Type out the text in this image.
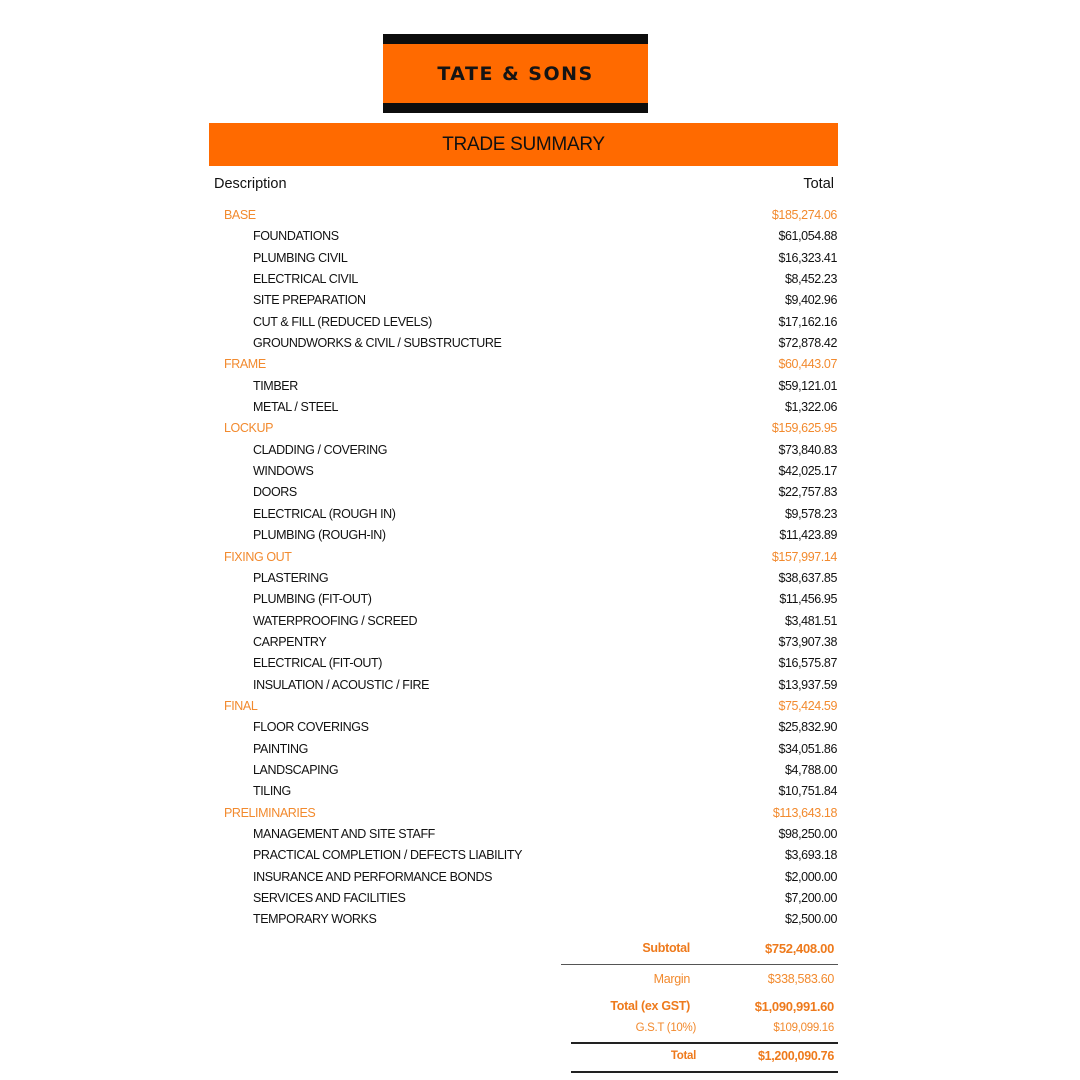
TATE & SONS
TRADE SUMMARY
Description	Total
BASE	$185,274.06
FOUNDATIONS	$61,054.88
PLUMBING CIVIL	$16,323.41
ELECTRICAL CIVIL	$8,452.23
SITE PREPARATION	$9,402.96
CUT & FILL (REDUCED LEVELS)	$17,162.16
GROUNDWORKS & CIVIL / SUBSTRUCTURE	$72,878.42
FRAME	$60,443.07
TIMBER	$59,121.01
METAL / STEEL	$1,322.06
LOCKUP	$159,625.95
CLADDING / COVERING	$73,840.83
WINDOWS	$42,025.17
DOORS	$22,757.83
ELECTRICAL (ROUGH IN)	$9,578.23
PLUMBING (ROUGH-IN)	$11,423.89
FIXING OUT	$157,997.14
PLASTERING	$38,637.85
PLUMBING (FIT-OUT)	$11,456.95
WATERPROOFING / SCREED	$3,481.51
CARPENTRY	$73,907.38
ELECTRICAL (FIT-OUT)	$16,575.87
INSULATION / ACOUSTIC / FIRE	$13,937.59
FINAL	$75,424.59
FLOOR COVERINGS	$25,832.90
PAINTING	$34,051.86
LANDSCAPING	$4,788.00
TILING	$10,751.84
PRELIMINARIES	$113,643.18
MANAGEMENT AND SITE STAFF	$98,250.00
PRACTICAL COMPLETION / DEFECTS LIABILITY	$3,693.18
INSURANCE AND PERFORMANCE BONDS	$2,000.00
SERVICES AND FACILITIES	$7,200.00
TEMPORARY WORKS	$2,500.00
Subtotal	$752,408.00
Margin	$338,583.60
Total (ex GST)	$1,090,991.60
G.S.T (10%)	$109,099.16
Total	$1,200,090.76
